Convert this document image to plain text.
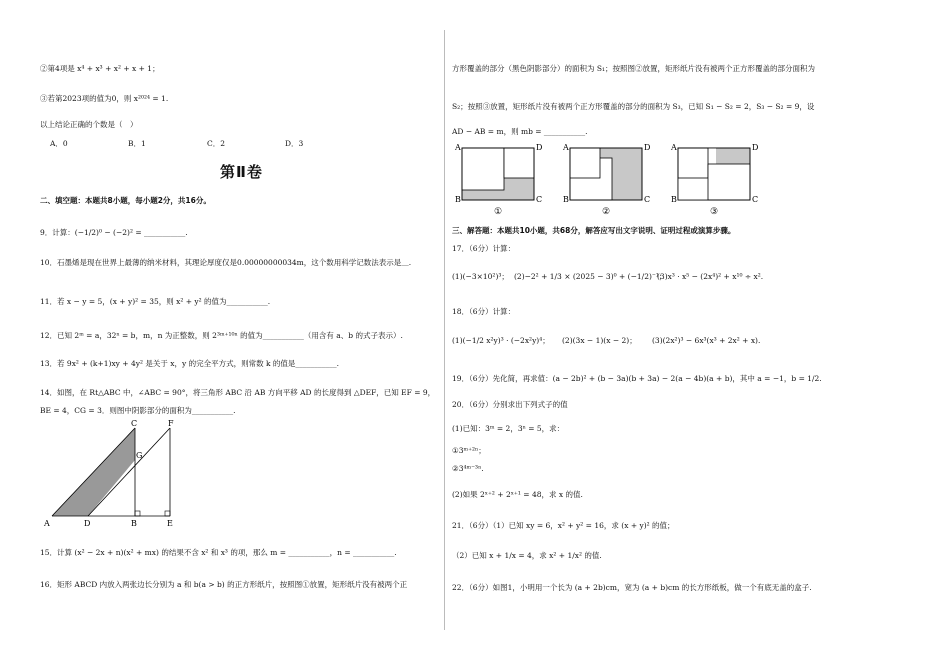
②第4项是 x⁴ + x³ + x² + x + 1；
③若第2023项的值为0，则 x²⁰²⁴ = 1.
以上结论正确的个数是（　）
A．0	B．1	C．2	D．3
第Ⅱ卷
二、填空题：本题共8小题，每小题2分，共16分。
9．计算：(−1/2)⁰ − (−2)² = ___________.
10．石墨烯是现在世界上最薄的纳米材料，其理论厚度仅是0.00000000034m，这个数用科学记数法表示是＿.
11．若 x − y = 5，(x + y)² = 35，则 x² + y² 的值为___________.
12．已知 2ᵐ = a，32ⁿ = b，m，n 为正整数，则 2³ᵐ⁺¹⁰ⁿ 的值为___________（用含有 a、b 的式子表示）.
13．若 9x² + (k+1)xy + 4y² 是关于 x，y 的完全平方式，则常数 k 的值是___________.
14．如图，在 Rt△ABC 中，∠ABC = 90°，将三角形 ABC 沿 AB 方向平移 AD 的长度得到 △DEF，已知 EF = 9，
BE = 4，CG = 3．则图中阴影部分的面积为___________.
C	F
G
A	D	B	E
15．计算 (x² − 2x + n)(x² + mx) 的结果不含 x² 和 x³ 的项，那么 m = ___________，n = ___________.
16．矩形 ABCD 内放入两张边长分别为 a 和 b(a > b) 的正方形纸片，按照图①放置，矩形纸片没有被两个正
方形覆盖的部分（黑色阴影部分）的面积为 S₁；按照图②放置，矩形纸片没有被两个正方形覆盖的部分面积为
S₂；按照③放置，矩形纸片没有被两个正方形覆盖的部分的面积为 S₃，已知 S₁ − S₂ = 2，S₃ − S₂ = 9，设
AD − AB = m，则 mb = ___________.
A	D
B	C
①
A	D
B	C
②
A	D
B	C
③
三、解答题：本题共10小题，共68分，解答应写出文字说明、证明过程或演算步骤。
17．（6分）计算：
(1)(−3×10²)³； (2)−2² + 1/3 × (2025 − 3)⁰ + (−1/2)⁻¹；
(3)x³ · x⁵ − (2x⁴)² + x¹⁰ ÷ x².
18．（6分）计算：
(1)(−1/2 x²y)³ · (−2x²y)⁴； (2)(3x − 1)(x − 2)； (3)(2x²)³ − 6x³(x³ + 2x² + x).
19．（6分）先化简，再求值：(a − 2b)² + (b − 3a)(b + 3a) − 2(a − 4b)(a + b)，其中 a = −1，b = 1/2.
20．（6分）分别求出下列式子的值
(1)已知：3ᵐ = 2，3ⁿ = 5，求：
①3ᵐ⁺²ⁿ；
②3⁴ᵐ⁻³ⁿ.
(2)如果 2ˣ⁺² + 2ˣ⁺¹ = 48，求 x 的值.
21．（6分）（1）已知 xy = 6，x² + y² = 16，求 (x + y)² 的值；
（2）已知 x + 1/x = 4，求 x² + 1/x² 的值.
22．（6分）如图1，小明用一个长为 (a + 2b)cm，宽为 (a + b)cm 的长方形纸板，做一个有底无盖的盒子.
